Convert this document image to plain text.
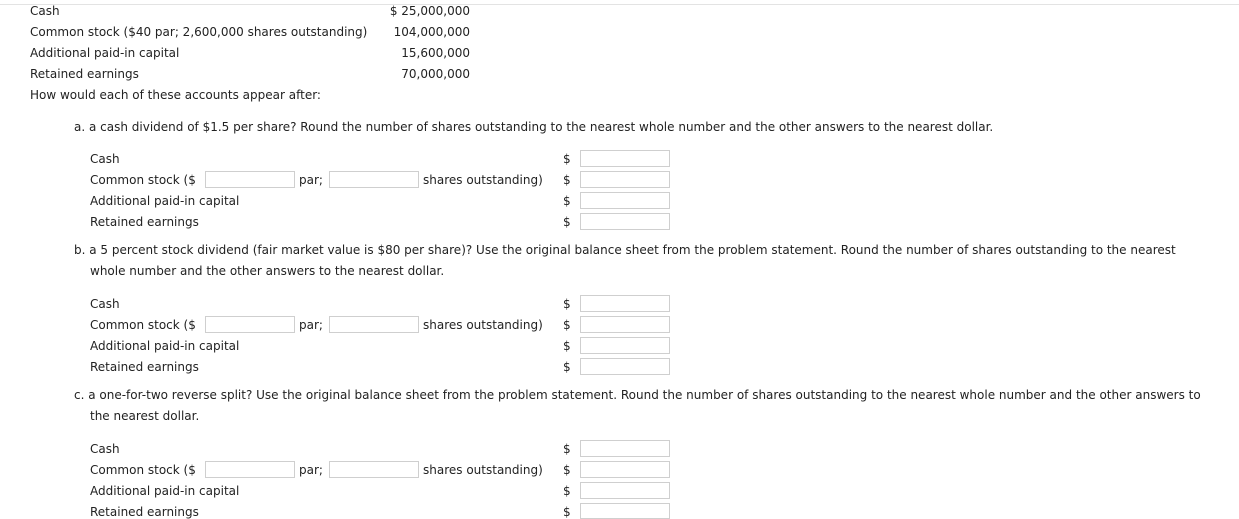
Cash	$ 25,000,000
Common stock ($40 par; 2,600,000 shares outstanding)	104,000,000
Additional paid-in capital	15,600,000
Retained earnings	70,000,000
How would each of these accounts appear after:
a. a cash dividend of $1.5 per share? Round the number of shares outstanding to the nearest whole number and the other answers to the nearest dollar.
Cash	$
Common stock ($	par;	shares outstanding) $
Additional paid-in capital	$
Retained earnings	$
b. a 5 percent stock dividend (fair market value is $80 per share)? Use the original balance sheet from the problem statement. Round the number of shares outstanding to the nearest whole number and the other answers to the nearest dollar.
Cash	$
Common stock ($	par;	shares outstanding) $
Additional paid-in capital	$
Retained earnings	$
c. a one-for-two reverse split? Use the original balance sheet from the problem statement. Round the number of shares outstanding to the nearest whole number and the other answers to the nearest dollar.
Cash	$
Common stock ($	par;	shares outstanding) $
Additional paid-in capital	$
Retained earnings	$
